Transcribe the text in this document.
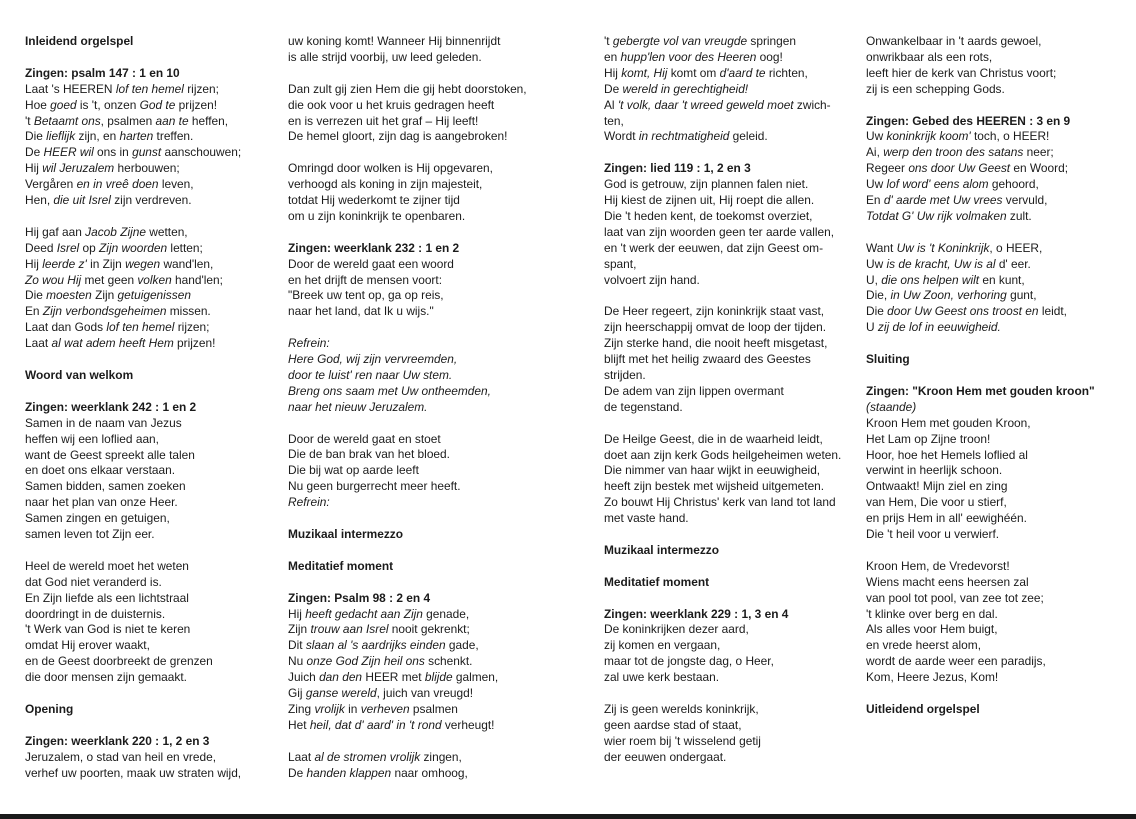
Inleidend orgelspel
Zingen: psalm 147 : 1 en 10
Laat 's HEEREN lof ten hemel rijzen;
Hoe goed is 't, onzen God te prijzen!
't Betaamt ons, psalmen aan te heffen,
Die lieflijk zijn, en harten treffen.
De HEER wil ons in gunst aanschouwen;
Hij wil Jeruzalem herbouwen;
Vergåren en in vreê doen leven,
Hen, die uit Isrel zijn verdreven.
Hij gaf aan Jacob Zijne wetten,
Deed Isrel op Zijn woorden letten;
Hij leerde z' in Zijn wegen wand'len,
Zo wou Hij met geen volken hand'len;
Die moesten Zijn getuigenissen
En Zijn verbondsgeheimen missen.
Laat dan Gods lof ten hemel rijzen;
Laat al wat adem heeft Hem prijzen!
Woord van welkom
Zingen: weerklank 242 : 1 en 2
Samen in de naam van Jezus
heffen wij een loflied aan,
want de Geest spreekt alle talen
en doet ons elkaar verstaan.
Samen bidden, samen zoeken
naar het plan van onze Heer.
Samen zingen en getuigen,
samen leven tot Zijn eer.
Heel de wereld moet het weten
dat God niet veranderd is.
En Zijn liefde als een lichtstraal
doordringt in de duisternis.
't Werk van God is niet te keren
omdat Hij erover waakt,
en de Geest doorbreekt de grenzen
die door mensen zijn gemaakt.
Opening
Zingen: weerklank 220 : 1, 2 en 3
Jeruzalem, o stad van heil en vrede,
verhef uw poorten, maak uw straten wijd,
uw koning komt! Wanneer Hij binnenrijdt
is alle strijd voorbij, uw leed geleden.
Dan zult gij zien Hem die gij hebt doorstoken,
die ook voor u het kruis gedragen heeft
en is verrezen uit het graf – Hij leeft!
De hemel gloort, zijn dag is aangebroken!
Omringd door wolken is Hij opgevaren,
verhoogd als koning in zijn majesteit,
totdat Hij wederkomt te zijner tijd
om u zijn koninkrijk te openbaren.
Zingen: weerklank 232 : 1 en 2
Door de wereld gaat een woord
en het drijft de mensen voort:
"Breek uw tent op, ga op reis,
naar het land, dat Ik u wijs."
Refrein:
Here God, wij zijn vervreemden,
door te luist' ren naar Uw stem.
Breng ons saam met Uw ontheemden,
naar het nieuw Jeruzalem.
Door de wereld gaat en stoet
Die de ban brak van het bloed.
Die bij wat op aarde leeft
Nu geen burgerrecht meer heeft.
Refrein:
Muzikaal intermezzo
Meditatief moment
Zingen: Psalm 98 : 2 en 4
Hij heeft gedacht aan Zijn genade,
Zijn trouw aan Isrel nooit gekrenkt;
Dit slaan al 's aardrijks einden gade,
Nu onze God Zijn heil ons schenkt.
Juich dan den HEER met blijde galmen,
Gij ganse wereld, juich van vreugd!
Zing vrolijk in verheven psalmen
Het heil, dat d' aard' in 't rond verheugt!
Laat al de stromen vrolijk zingen,
De handen klappen naar omhoog,
't gebergte vol van vreugde springen
en hupp'len voor des Heeren oog!
Hij komt, Hij komt om d'aard te richten,
De wereld in gerechtigheid!
Al 't volk, daar 't wreed geweld moet zwich-
ten,
Wordt in rechtmatigheid geleid.
Zingen: lied 119 : 1, 2 en 3
God is getrouw, zijn plannen falen niet.
Hij kiest de zijnen uit, Hij roept die allen.
Die 't heden kent, de toekomst overziet,
laat van zijn woorden geen ter aarde vallen,
en 't werk der eeuwen, dat zijn Geest om-
spant,
volvoert zijn hand.
De Heer regeert, zijn koninkrijk staat vast,
zijn heerschappij omvat de loop der tijden.
Zijn sterke hand, die nooit heeft misgetast,
blijft met het heilig zwaard des Geestes
strijden.
De adem van zijn lippen overmant
de tegenstand.
De Heilge Geest, die in de waarheid leidt,
doet aan zijn kerk Gods heilgeheimen weten.
Die nimmer van haar wijkt in eeuwigheid,
heeft zijn bestek met wijsheid uitgemeten.
Zo bouwt Hij Christus' kerk van land tot land
met vaste hand.
Muzikaal intermezzo
Meditatief moment
Zingen: weerklank 229 : 1, 3 en 4
De koninkrijken dezer aard,
zij komen en vergaan,
maar tot de jongste dag, o Heer,
zal uwe kerk bestaan.
Zij is geen werelds koninkrijk,
geen aardse stad of staat,
wier roem bij 't wisselend getij
der eeuwen ondergaat.
Onwankelbaar in 't aards gewoel,
onwrikbaar als een rots,
leeft hier de kerk van Christus voort;
zij is een schepping Gods.
Zingen: Gebed des HEEREN : 3 en 9
Uw koninkrijk koom' toch, o HEER!
Ai, werp den troon des satans neer;
Regeer ons door Uw Geest en Woord;
Uw lof word' eens alom gehoord,
En d' aarde met Uw vrees vervuld,
Totdat G' Uw rijk volmaken zult.
Want Uw is 't Koninkrijk, o HEER,
Uw is de kracht, Uw is al d' eer.
U, die ons helpen wilt en kunt,
Die, in Uw Zoon, verhoring gunt,
Die door Uw Geest ons troost en leidt,
U zij de lof in eeuwigheid.
Sluiting
Zingen: "Kroon Hem met gouden kroon"
(staande)
Kroon Hem met gouden Kroon,
Het Lam op Zijne troon!
Hoor, hoe het Hemels loflied al
verwint in heerlijk schoon.
Ontwaakt! Mijn ziel en zing
van Hem, Die voor u stierf,
en prijs Hem in all' eewighéén.
Die 't heil voor u verwierf.
Kroon Hem, de Vredevorst!
Wiens macht eens heersen zal
van pool tot pool, van zee tot zee;
't klinke over berg en dal.
Als alles voor Hem buigt,
en vrede heerst alom,
wordt de aarde weer een paradijs,
Kom, Heere Jezus, Kom!
Uitleidend orgelspel
